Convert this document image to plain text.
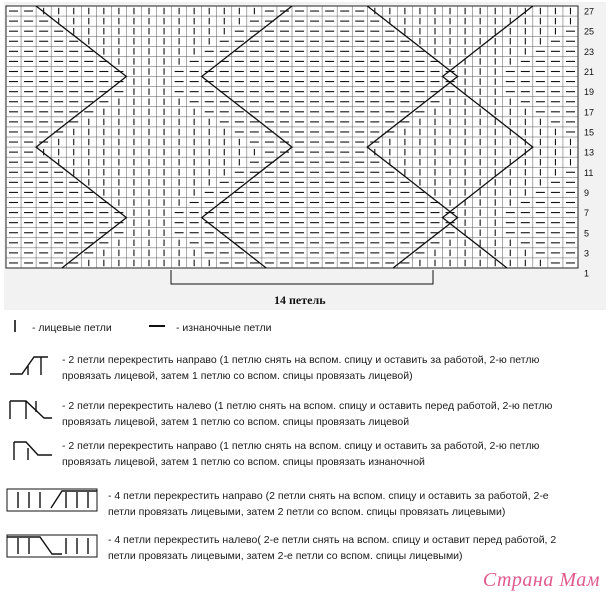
27
25
23
21
19
17
15
13
11
9
7
5
3
1
14 петель
- лицевые петли	- изнаночные петли
- 2 петли перекрестить направо (1 петлю снять на вспом. спицу и оставить за работой, 2-ю петлю провязать лицевой, затем 1 петлю со вспом. спицы провязать лицевой)
- 2 петли перекрестить налево (1 петлю снять на вспом. спицу и оставить перед работой, 2-ю петлю провязать лицевой, затем 1 петлю со вспом. спицы провязать лицевой
- 2 петли перекрестить направо (1 петлю снять на вспом. спицу и оставить за работой, 2-ю петлю провязать лицевой, затем 1 петлю со вспом. спицы провязать изнаночной
- 4 петли перекрестить направо (2 петли снять на вспом. спицу и оставить за работой, 2-е петли провязать лицевыми, затем 2 петли со вспом. спицы провязать лицевыми)
- 4 петли перекрестить налево( 2-е петли снять на вспом. спицу и оставит перед работой, 2 петли провязать лицевыми, затем 2-е петли со вспом. спицы лицевыми)
Страна Мам
